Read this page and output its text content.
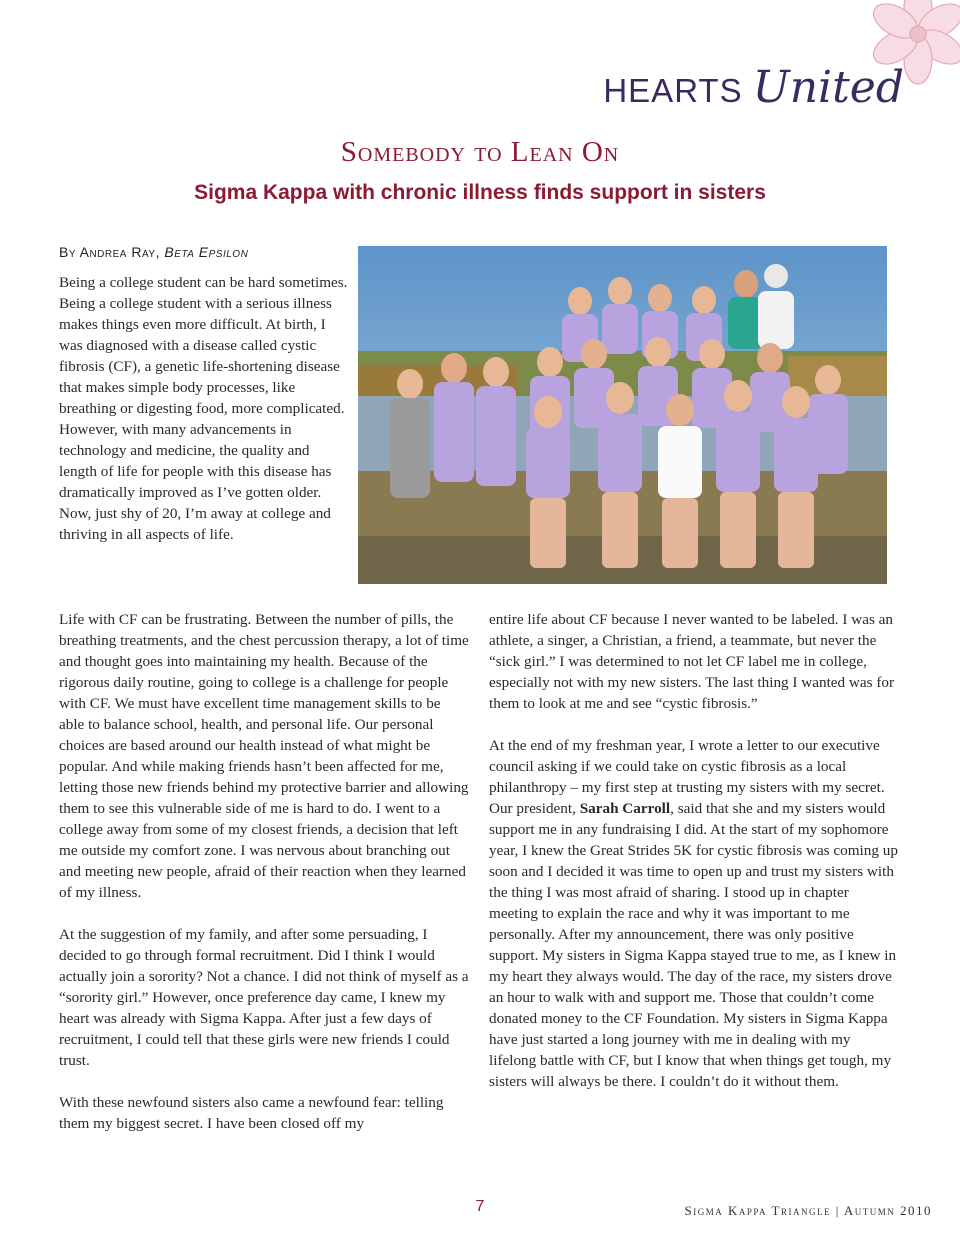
HEARTS United
Somebody to Lean On
Sigma Kappa with chronic illness finds support in sisters
By Andrea Ray, Beta Epsilon

Being a college student can be hard sometimes. Being a college student with a serious illness makes things even more difficult. At birth, I was diagnosed with a disease called cystic fibrosis (CF), a genetic life-shortening disease that makes simple body processes, like breathing or digesting food, more complicated. However, with many advancements in technology and medicine, the quality and length of life for people with this disease has dramatically improved as I’ve gotten older. Now, just shy of 20, I’m away at college and thriving in all aspects of life.

Life with CF can be frustrating. Between the number of pills, the breathing treatments, and the chest percussion therapy, a lot of time and thought goes into maintaining my health. Because of the rigorous daily routine, going to college is a challenge for people with CF. We must have excellent time management skills to be able to balance school, health, and personal life. Our personal choices are based around our health instead of what might be popular. And while making friends hasn’t been affected for me, letting those new friends behind my protective barrier and allowing them to see this vulnerable side of me is hard to do. I went to a college away from some of my closest friends, a decision that left me outside my comfort zone. I was nervous about branching out and meeting new people, afraid of their reaction when they learned of my illness.

At the suggestion of my family, and after some persuading, I decided to go through formal recruitment. Did I think I would actually join a sorority? Not a chance. I did not think of myself as a “sorority girl.” However, once preference day came, I knew my heart was already with Sigma Kappa. After just a few days of recruitment, I could tell that these girls were new friends I could trust.

With these newfound sisters also came a newfound fear: telling them my biggest secret. I have been closed off my

entire life about CF because I never wanted to be labeled. I was an athlete, a singer, a Christian, a friend, a teammate, but never the “sick girl.” I was determined to not let CF label me in college, especially not with my new sisters. The last thing I wanted was for them to look at me and see “cystic fibrosis.”

At the end of my freshman year, I wrote a letter to our executive council asking if we could take on cystic fibrosis as a local philanthropy – my first step at trusting my sisters with my secret. Our president, Sarah Carroll, said that she and my sisters would support me in any fundraising I did. At the start of my sophomore year, I knew the Great Strides 5K for cystic fibrosis was coming up soon and I decided it was time to open up and trust my sisters with the thing I was most afraid of sharing. I stood up in chapter meeting to explain the race and why it was important to me personally. After my announcement, there was only positive support. My sisters in Sigma Kappa stayed true to me, as I knew in my heart they always would. The day of the race, my sisters drove an hour to walk with and support me. Those that couldn’t come donated money to the CF Foundation. My sisters in Sigma Kappa have just started a long journey with me in dealing with my lifelong battle with CF, but I know that when things get tough, my sisters will always be there. I couldn’t do it without them.

7	Sigma Kappa Triangle | Autumn 2010
